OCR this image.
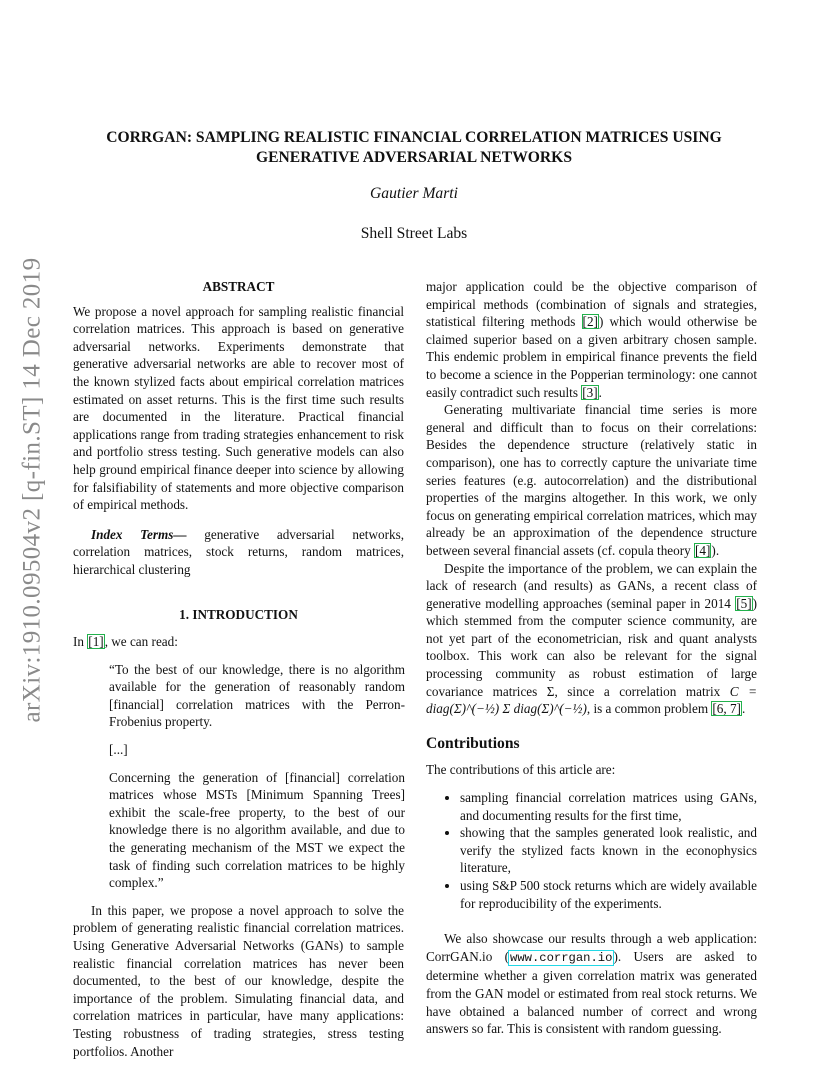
arXiv:1910.09504v2 [q-fin.ST] 14 Dec 2019
CORRGAN: SAMPLING REALISTIC FINANCIAL CORRELATION MATRICES USING GENERATIVE ADVERSARIAL NETWORKS
Gautier Marti
Shell Street Labs
ABSTRACT

We propose a novel approach for sampling realistic financial correlation matrices. This approach is based on generative adversarial networks. Experiments demonstrate that generative adversarial networks are able to recover most of the known stylized facts about empirical correlation matrices estimated on asset returns. This is the first time such results are documented in the literature. Practical financial applications range from trading strategies enhancement to risk and portfolio stress testing. Such generative models can also help ground empirical finance deeper into science by allowing for falsifiability of statements and more objective comparison of empirical methods.

Index Terms— generative adversarial networks, correlation matrices, stock returns, random matrices, hierarchical clustering

1. INTRODUCTION

In [1], we can read:

“To the best of our knowledge, there is no algorithm available for the generation of reasonably random [financial] correlation matrices with the Perron-Frobenius property.

[...]

Concerning the generation of [financial] correlation matrices whose MSTs [Minimum Spanning Trees] exhibit the scale-free property, to the best of our knowledge there is no algorithm available, and due to the generating mechanism of the MST we expect the task of finding such correlation matrices to be highly complex.”

In this paper, we propose a novel approach to solve the problem of generating realistic financial correlation matrices. Using Generative Adversarial Networks (GANs) to sample realistic financial correlation matrices has never been documented, to the best of our knowledge, despite the importance of the problem. Simulating financial data, and correlation matrices in particular, have many applications: Testing robustness of trading strategies, stress testing portfolios. Another

major application could be the objective comparison of empirical methods (combination of signals and strategies, statistical filtering methods [2]) which would otherwise be claimed superior based on a given arbitrary chosen sample. This endemic problem in empirical finance prevents the field to become a science in the Popperian terminology: one cannot easily contradict such results [3].

Generating multivariate financial time series is more general and difficult than to focus on their correlations: Besides the dependence structure (relatively static in comparison), one has to correctly capture the univariate time series features (e.g. autocorrelation) and the distributional properties of the margins altogether. In this work, we only focus on generating empirical correlation matrices, which may already be an approximation of the dependence structure between several financial assets (cf. copula theory [4]).

Despite the importance of the problem, we can explain the lack of research (and results) as GANs, a recent class of generative modelling approaches (seminal paper in 2014 [5]) which stemmed from the computer science community, are not yet part of the econometrician, risk and quant analysts toolbox. This work can also be relevant for the signal processing community as robust estimation of large covariance matrices Σ, since a correlation matrix C = diag(Σ)^(−½) Σ diag(Σ)^(−½), is a common problem [6, 7].

Contributions

The contributions of this article are:

• sampling financial correlation matrices using GANs, and documenting results for the first time,
• showing that the samples generated look realistic, and verify the stylized facts known in the econophysics literature,
• using S&P 500 stock returns which are widely available for reproducibility of the experiments.

We also showcase our results through a web application: CorrGAN.io (www.corrgan.io). Users are asked to determine whether a given correlation matrix was generated from the GAN model or estimated from real stock returns. We have obtained a balanced number of correct and wrong answers so far. This is consistent with random guessing.
